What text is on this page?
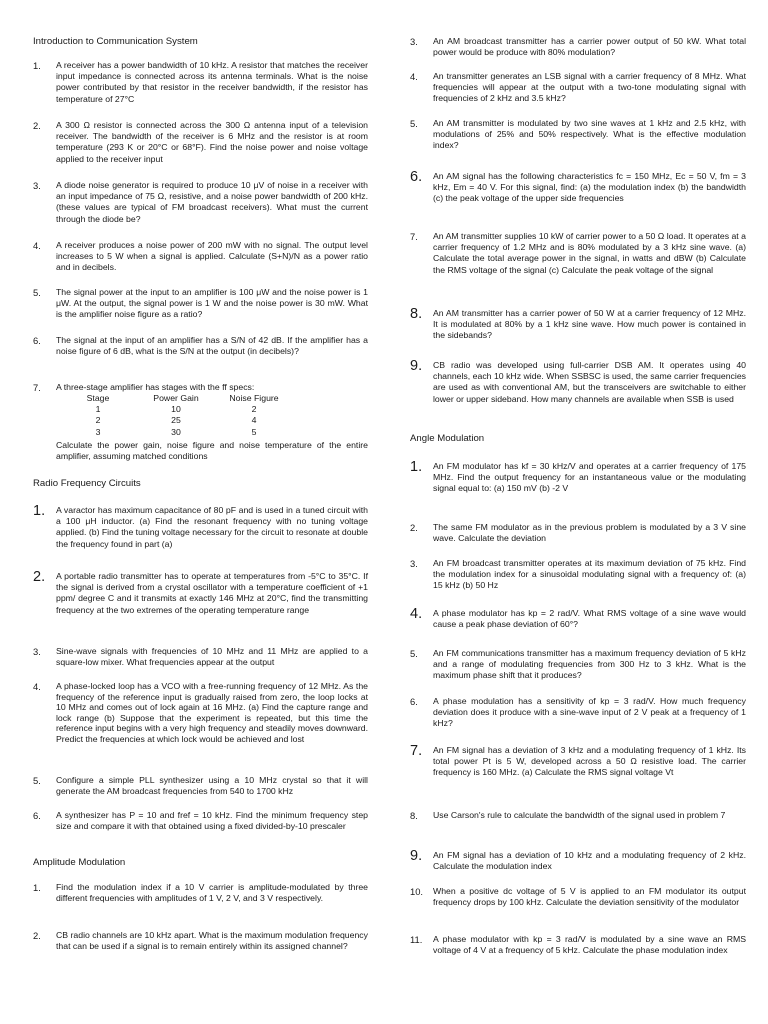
Introduction to Communication System
1. A receiver has a power bandwidth of 10 kHz. A resistor that matches the receiver input impedance is connected across its antenna terminals. What is the noise power contributed by that resistor in the receiver bandwidth, if the resistor has temperature of 27°C
2. A 300 Ω resistor is connected across the 300 Ω antenna input of a television receiver. The bandwidth of the receiver is 6 MHz and the resistor is at room temperature (293 K or 20°C or 68°F). Find the noise power and noise voltage applied to the receiver input
3. A diode noise generator is required to produce 10 μV of noise in a receiver with an input impedance of 75 Ω, resistive, and a noise power bandwidth of 200 kHz.(these values are typical of FM broadcast receivers). What must the current through the diode be?
4. A receiver produces a noise power of 200 mW with no signal. The output level increases to 5 W when a signal is applied. Calculate (S+N)/N as a power ratio and in decibels.
5. The signal power at the input to an amplifier is 100 μW and the noise power is 1 μW. At the output, the signal power is 1 W and the noise power is 30 mW. What is the amplifier noise figure as a ratio?
6. The signal at the input of an amplifier has a S/N of 42 dB. If the amplifier has a noise figure of 6 dB, what is the S/N at the output (in decibels)?
7. A three-stage amplifier has stages with the ff specs:
Stage	Power Gain	Noise Figure
1	10	2
2	25	4
3	30	5
Calculate the power gain, noise figure and noise temperature of the entire amplifier, assuming matched conditions
Radio Frequency Circuits
1. A varactor has maximum capacitance of 80 pF and is used in a tuned circuit with a 100 μH inductor. (a) Find the resonant frequency with no tuning voltage applied. (b) Find the tuning voltage necessary for the circuit to resonate at double the frequency found in part (a)
2. A portable radio transmitter has to operate at temperatures from -5°C to 35°C. If the signal is derived from a crystal oscillator with a temperature coefficient of +1 ppm/ degree C and it transmits at exactly 146 MHz at 20°C, find the transmitting frequency at the two extremes of the operating temperature range
3. Sine-wave signals with frequencies of 10 MHz and 11 MHz are applied to a square-low mixer. What frequencies appear at the output
4. A phase-locked loop has a VCO with a free-running frequency of 12 MHz. As the frequency of the reference input is gradually raised from zero, the loop locks at 10 MHz and comes out of lock again at 16 MHz. (a) Find the capture range and lock range (b) Suppose that the experiment is repeated, but this time the reference input begins with a very high frequency and steadily moves downward. Predict the frequencies at which lock would be achieved and lost
5. Configure a simple PLL synthesizer using a 10 MHz crystal so that it will generate the AM broadcast frequencies from 540 to 1700 kHz
6. A synthesizer has P = 10 and fref = 10 kHz. Find the minimum frequency step size and compare it with that obtained using a fixed divided-by-10 prescaler
Amplitude Modulation
1. Find the modulation index if a 10 V carrier is amplitude-modulated by three different frequencies with amplitudes of 1 V, 2 V, and 3 V respectively.
2. CB radio channels are 10 kHz apart. What is the maximum modulation frequency that can be used if a signal is to remain entirely within its assigned channel?
3. An AM broadcast transmitter has a carrier power output of 50 kW. What total power would be produce with 80% modulation?
4. An transmitter generates an LSB signal with a carrier frequency of 8 MHz. What frequencies will appear at the output with a two-tone modulating signal with frequencies of 2 kHz and 3.5 kHz?
5. An AM transmitter is modulated by two sine waves at 1 kHz and 2.5 kHz, with modulations of 25% and 50% respectively. What is the effective modulation index?
6. An AM signal has the following characteristics fc = 150 MHz, Ec = 50 V, fm = 3 kHz, Em = 40 V. For this signal, find: (a) the modulation index (b) the bandwidth (c) the peak voltage of the upper side frequencies
7. An AM transmitter supplies 10 kW of carrier power to a 50 Ω load. It operates at a carrier frequency of 1.2 MHz and is 80% modulated by a 3 kHz sine wave. (a) Calculate the total average power in the signal, in watts and dBW (b) Calculate the RMS voltage of the signal (c) Calculate the peak voltage of the signal
8. An AM transmitter has a carrier power of 50 W at a carrier frequency of 12 MHz. It is modulated at 80% by a 1 kHz sine wave. How much power is contained in the sidebands?
9. CB radio was developed using full-carrier DSB AM. It operates using 40 channels, each 10 kHz wide. When SSBSC is used, the same carrier frequencies are used as with conventional AM, but the transceivers are switchable to either lower or upper sideband. How many channels are available when SSB is used
Angle Modulation
1. An FM modulator has kf = 30 kHz/V and operates at a carrier frequency of 175 MHz. Find the output frequency for an instantaneous value or the modulating signal equal to: (a) 150 mV (b) -2 V
2. The same FM modulator as in the previous problem is modulated by a 3 V sine wave. Calculate the deviation
3. An FM broadcast transmitter operates at its maximum deviation of 75 kHz. Find the modulation index for a sinusoidal modulating signal with a frequency of: (a) 15 kHz (b) 50 Hz
4. A phase modulator has kp = 2 rad/V. What RMS voltage of a sine wave would cause a peak phase deviation of 60°?
5. An FM communications transmitter has a maximum frequency deviation of 5 kHz and a range of modulating frequencies from 300 Hz to 3 kHz. What is the maximum phase shift that it produces?
6. A phase modulation has a sensitivity of kp = 3 rad/V. How much frequency deviation does it produce with a sine-wave input of 2 V peak at a frequency of 1 kHz?
7. An FM signal has a deviation of 3 kHz and a modulating frequency of 1 kHz. Its total power Pt is 5 W, developed across a 50 Ω resistive load. The carrier frequency is 160 MHz. (a) Calculate the RMS signal voltage Vt
8. Use Carson's rule to calculate the bandwidth of the signal used in problem 7
9. An FM signal has a deviation of 10 kHz and a modulating frequency of 2 kHz. Calculate the modulation index
10. When a positive dc voltage of 5 V is applied to an FM modulator its output frequency drops by 100 kHz. Calculate the deviation sensitivity of the modulator
11. A phase modulator with kp = 3 rad/V is modulated by a sine wave an RMS voltage of 4 V at a frequency of 5 kHz. Calculate the phase modulation index
